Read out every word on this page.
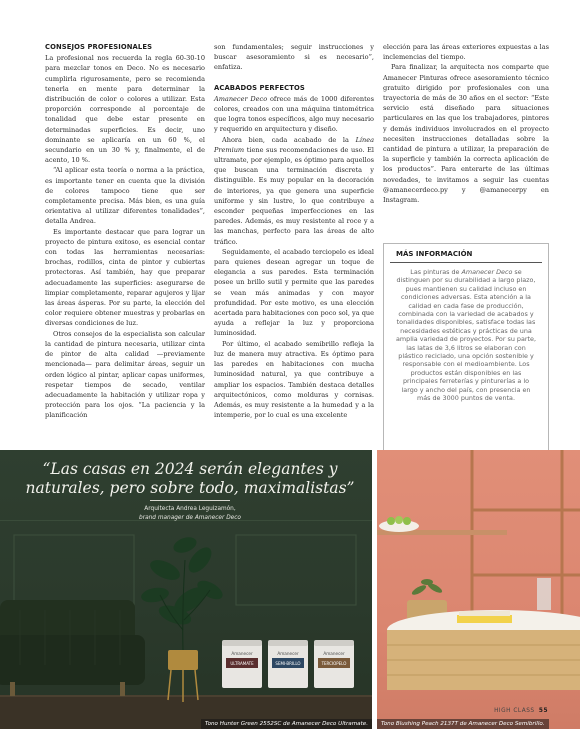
CONSEJOS PROFESIONALES

La profesional nos recuerda la regla 60-30-10 para mezclar tonos en Deco. No es necesario cumplirla rigurosamente, pero se recomienda tenerla en mente para determinar la distribución de color o colores a utilizar. Esta proporción corresponde al porcentaje de tonalidad que debe estar presente en determinadas superficies. Es decir, uno dominante se aplicaría en un 60 %, el secundario en un 30 % y, finalmente, el de acento, 10 %.

“Al aplicar esta teoría o norma a la práctica, es importante tener en cuenta que la división de colores tampoco tiene que ser completamente precisa. Más bien, es una guía orientativa al utilizar diferentes tonalidades”, detalla Andrea.

Es importante destacar que para lograr un proyecto de pintura exitoso, es esencial contar con todas las herramientas necesarias: brochas, rodillos, cinta de pintor y cubiertas protectoras. Así también, hay que preparar adecuadamente las superficies: asegurarse de limpiar completamente, reparar agujeros y lijar las áreas ásperas. Por su parte, la elección del color requiere obtener muestras y probarlas en diversas condiciones de luz.

Otros consejos de la especialista son calcular la cantidad de pintura necesaria, utilizar cinta de pintor de alta calidad —previamente mencionada— para delimitar áreas, seguir un orden lógico al pintar, aplicar capas uniformes, respetar tiempos de secado, ventilar adecuadamente la habitación y utilizar ropa y protección para los ojos. “La paciencia y la planificación

son fundamentales; seguir instrucciones y buscar asesoramiento si es necesario”, enfatiza.

ACABADOS PERFECTOS

Amanecer Deco ofrece más de 1000 diferentes colores, creados con una máquina tintométrica que logra tonos específicos, algo muy necesario y requerido en arquitectura y diseño.

Ahora bien, cada acabado de la Línea Premium tiene sus recomendaciones de uso. El ultramate, por ejemplo, es óptimo para aquellos que buscan una terminación discreta y distinguible. Es muy popular en la decoración de interiores, ya que genera una superficie uniforme y sin lustre, lo que contribuye a esconder pequeñas imperfecciones en las paredes. Además, es muy resistente al roce y a las manchas, perfecto para las áreas de alto tráfico.

Seguidamente, el acabado terciopelo es ideal para quienes desean agregar un toque de elegancia a sus paredes. Esta terminación posee un brillo sutil y permite que las paredes se vean más animadas y con mayor profundidad. Por este motivo, es una elección acertada para habitaciones con poco sol, ya que ayuda a reflejar la luz y proporciona luminosidad.

Por último, el acabado semibrillo refleja la luz de manera muy atractiva. Es óptimo para las paredes en habitaciones con mucha luminosidad natural, ya que contribuye a ampliar los espacios. También destaca detalles arquitectónicos, como molduras y cornisas. Además, es muy resistente a la humedad y a la intemperie, por lo cual es una excelente

elección para las áreas exteriores expuestas a las inclemencias del tiempo.

Para finalizar, la arquitecta nos comparte que Amanecer Pinturas ofrece asesoramiento técnico gratuito dirigido por profesionales con una trayectoria de más de 30 años en el sector: “Este servicio está diseñado para situaciones particulares en las que los trabajadores, pintores y demás individuos involucrados en el proyecto necesiten instrucciones detalladas sobre la cantidad de pintura a utilizar, la preparación de la superficie y también la correcta aplicación de los productos”. Para enterarte de las últimas novedades, te invitamos a seguir las cuentas @amanecerdeco.py y @amanecerpy en Instagram.

MÁS INFORMACIÓN
Las pinturas de Amanecer Deco se distinguen por su durabilidad a largo plazo, pues mantienen su calidad incluso en condiciones adversas. Esta atención a la calidad en cada fase de producción, combinada con la variedad de acabados y tonalidades disponibles, satisface todas las necesidades estéticas y prácticas de una amplia variedad de proyectos. Por su parte, las latas de 3,6 litros se elaboran con plástico reciclado, una opción sostenible y responsable con el medioambiente. Los productos están disponibles en las principales ferreterías y pinturerías a lo largo y ancho del país, con presencia en más de 3000 puntos de venta.
“Las casas en 2024 serán elegantes y naturales, pero sobre todo, maximalistas”
Arquitecta Andrea Leguizamón,
brand manager de Amanecer Deco
Amanecer
ULTRAMATE
Amanecer
SEMI-BRILLO
Amanecer
TERCIOPELO
Tono Hunter Green 2552SC de Amanecer Deco Ultramate.	Tono Blushing Peach 2137T de Amanecer Deco Semibrillo.
HIGH CLASS 55
